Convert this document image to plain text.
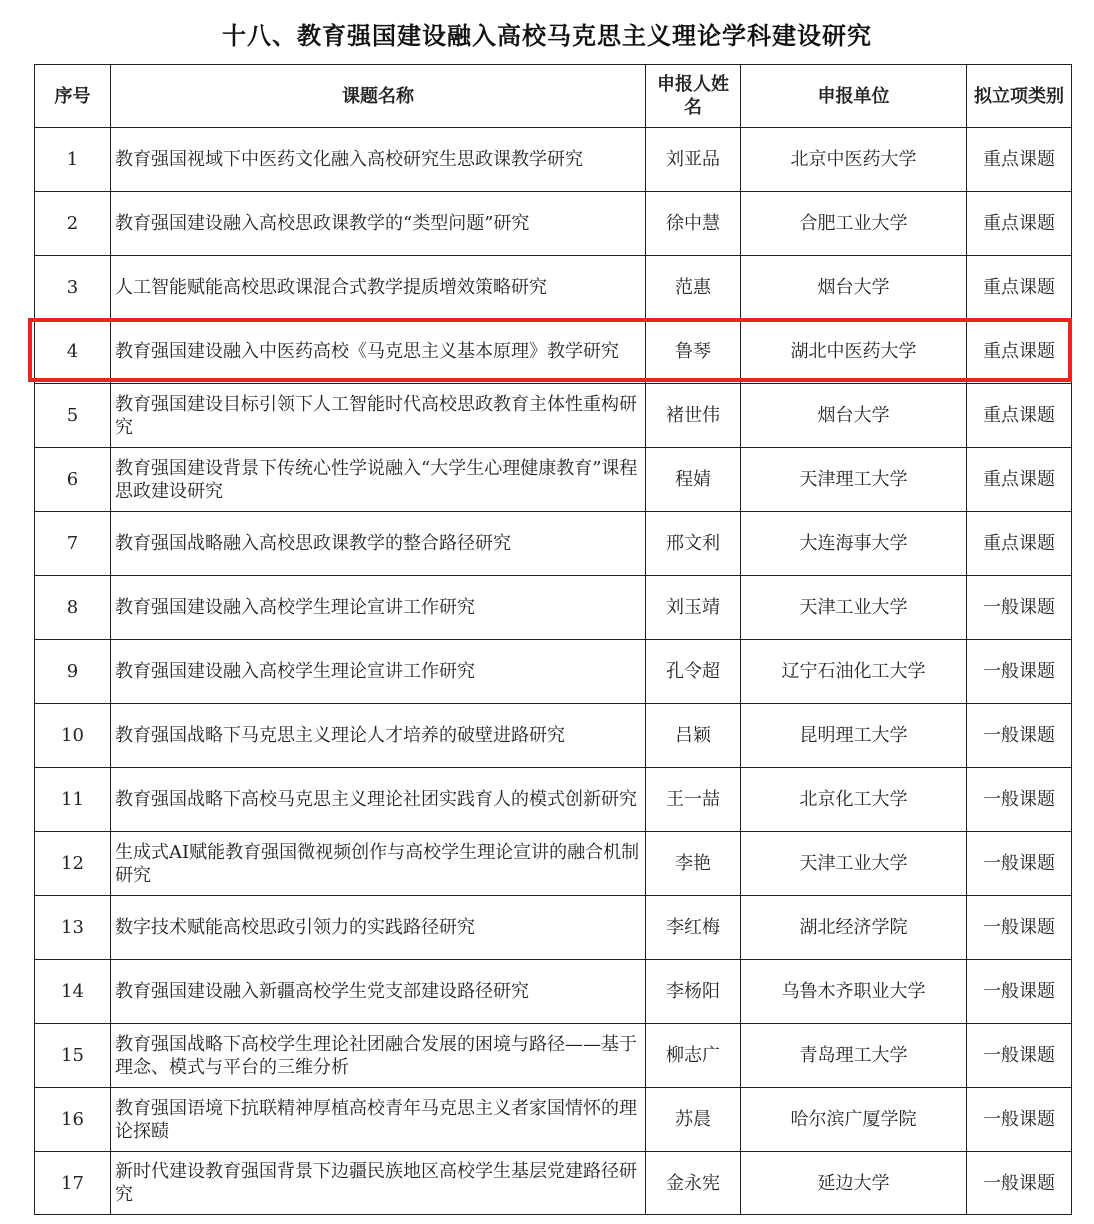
十八、教育强国建设融入高校马克思主义理论学科建设研究
序号	课题名称	申报人姓名	申报单位	拟立项类别
1	教育强国视域下中医药文化融入高校研究生思政课教学研究	刘亚品	北京中医药大学	重点课题
2	教育强国建设融入高校思政课教学的“类型问题”研究	徐中慧	合肥工业大学	重点课题
3	人工智能赋能高校思政课混合式教学提质增效策略研究	范惠	烟台大学	重点课题
4	教育强国建设融入中医药高校《马克思主义基本原理》教学研究	鲁琴	湖北中医药大学	重点课题
5	教育强国建设目标引领下人工智能时代高校思政教育主体性重构研究	褚世伟	烟台大学	重点课题
6	教育强国建设背景下传统心性学说融入“大学生心理健康教育”课程思政建设研究	程婧	天津理工大学	重点课题
7	教育强国战略融入高校思政课教学的整合路径研究	邢文利	大连海事大学	重点课题
8	教育强国建设融入高校学生理论宣讲工作研究	刘玉靖	天津工业大学	一般课题
9	教育强国建设融入高校学生理论宣讲工作研究	孔令超	辽宁石油化工大学	一般课题
10	教育强国战略下马克思主义理论人才培养的破壁进路研究	吕颖	昆明理工大学	一般课题
11	教育强国战略下高校马克思主义理论社团实践育人的模式创新研究	王一喆	北京化工大学	一般课题
12	生成式AI赋能教育强国微视频创作与高校学生理论宣讲的融合机制研究	李艳	天津工业大学	一般课题
13	数字技术赋能高校思政引领力的实践路径研究	李红梅	湖北经济学院	一般课题
14	教育强国建设融入新疆高校学生党支部建设路径研究	李杨阳	乌鲁木齐职业大学	一般课题
15	教育强国战略下高校学生理论社团融合发展的困境与路径——基于理念、模式与平台的三维分析	柳志广	青岛理工大学	一般课题
16	教育强国语境下抗联精神厚植高校青年马克思主义者家国情怀的理论探赜	苏晨	哈尔滨广厦学院	一般课题
17	新时代建设教育强国背景下边疆民族地区高校学生基层党建路径研究	金永宪	延边大学	一般课题
